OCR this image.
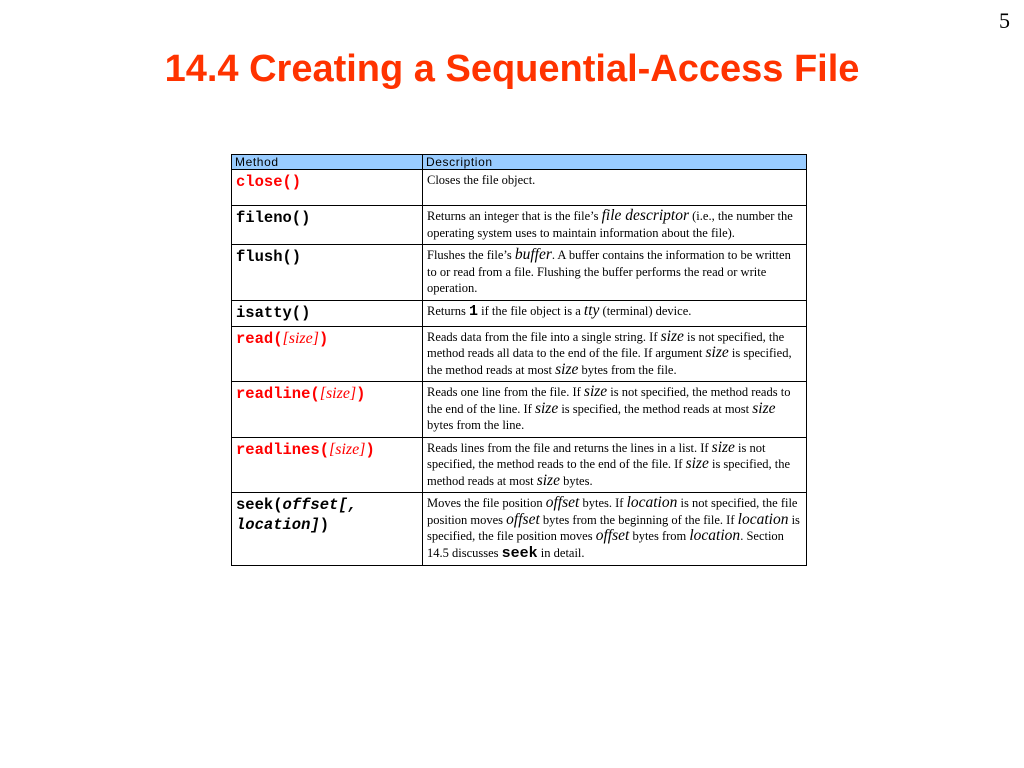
5
14.4 Creating a Sequential-Access File
Method	Description
close()	Closes the file object.
fileno()	Returns an integer that is the file’s file descriptor (i.e., the number the operating system uses to maintain information about the file).
flush()	Flushes the file’s buffer. A buffer contains the information to be written to or read from a file. Flushing the buffer performs the read or write operation.
isatty()	Returns 1 if the file object is a tty (terminal) device.
read([size])	Reads data from the file into a single string. If size is not specified, the method reads all data to the end of the file. If argument size is specified, the method reads at most size bytes from the file.
readline([size])	Reads one line from the file. If size is not specified, the method reads to the end of the line. If size is specified, the method reads at most size bytes from the line.
readlines([size])	Reads lines from the file and returns the lines in a list. If size is not specified, the method reads to the end of the file. If size is specified, the method reads at most size bytes.
seek(offset[, location])	Moves the file position offset bytes. If location is not specified, the file position moves offset bytes from the beginning of the file. If location is specified, the file position moves offset bytes from location. Section 14.5 discusses seek in detail.
